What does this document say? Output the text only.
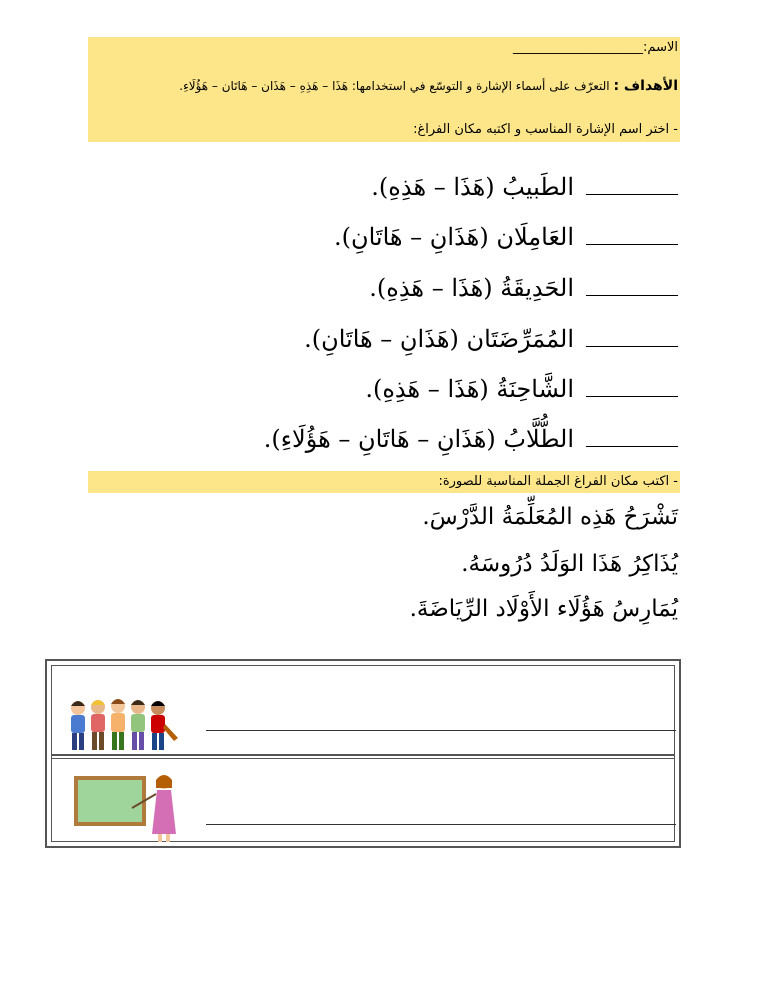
الاسم:____________________
الأهداف : التعرّف على أسماء الإشارة و التوسّع في استخدامها: هَذَا – هَذِهِ – هَذَان – هَاتَان – هَؤُلَاءِ.
- اختر اسم الإشارة المناسب و اكتبه مكان الفراغ:
الطَبيبُ (هَذَا – هَذِهِ).
العَامِلَان (هَذَانِ – هَاتَانِ).
الحَدِيقَةُ (هَذَا – هَذِهِ).
المُمَرِّضَتَان (هَذَانِ – هَاتَانِ).
الشَّاحِنَةُ (هَذَا – هَذِهِ).
الطُّلَّابُ (هَذَانِ – هَاتَانِ – هَؤُلَاءِ).
- اكتب مكان الفراغ الجملة المناسبة للصورة:
تَشْرَحُ هَذِه المُعَلِّمَةُ الدَّرْسَ.
يُذَاكِرُ هَذَا الوَلَدُ دُرُوسَهُ.
يُمَارِسُ هَؤُلَاء الأَوْلَاد الرِّيَاضَةَ.
